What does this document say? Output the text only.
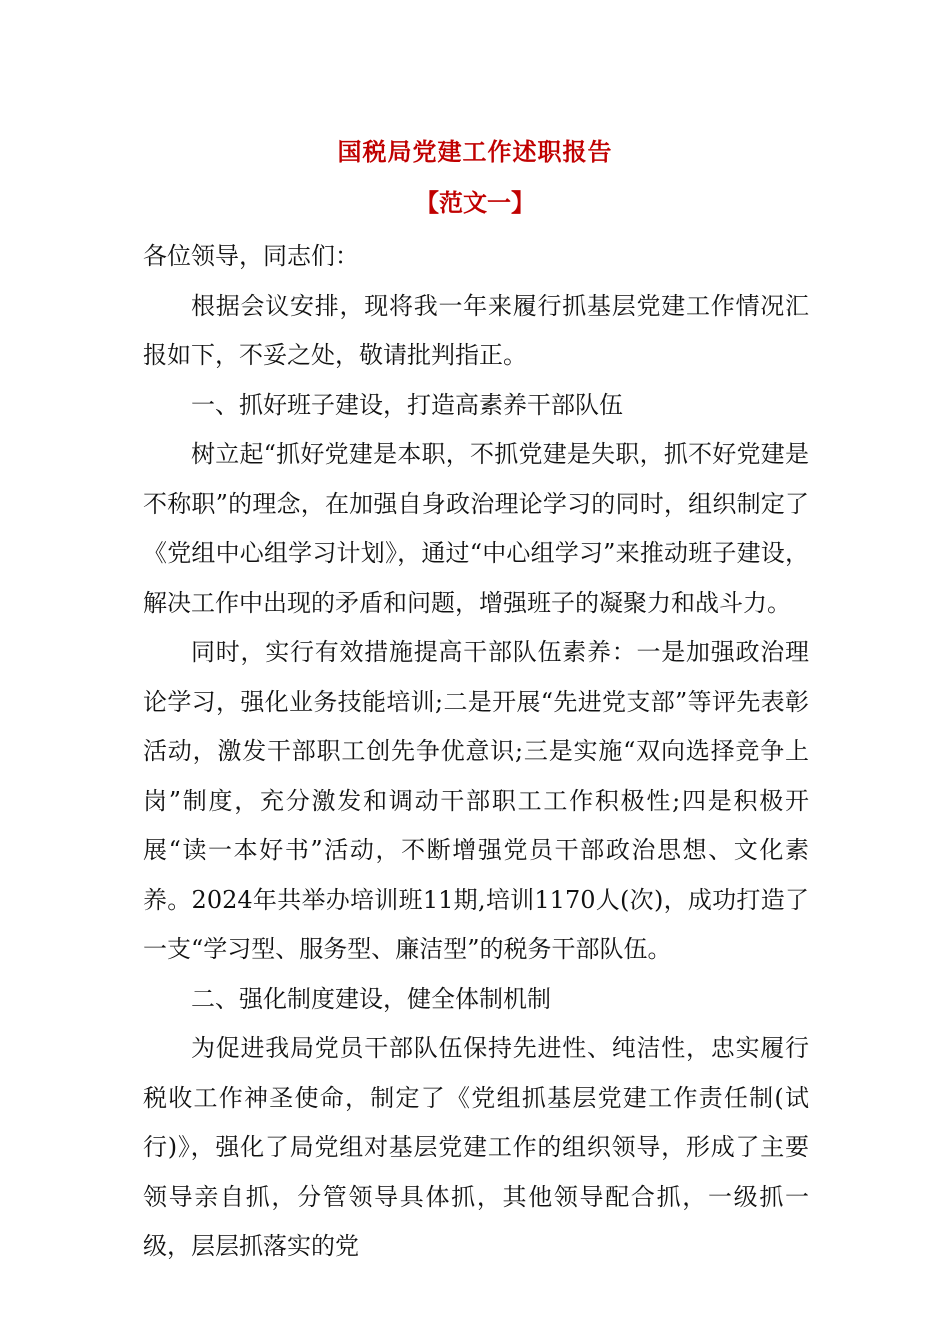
国税局党建工作述职报告
【范文一】

各位领导，同志们：

根据会议安排，现将我一年来履行抓基层党建工作情况汇报如下，不妥之处，敬请批判指正。

一、抓好班子建设，打造高素养干部队伍

树立起“抓好党建是本职，不抓党建是失职，抓不好党建是不称职”的理念，在加强自身政治理论学习的同时，组织制定了《党组中心组学习计划》，通过“中心组学习”来推动班子建设，解决工作中出现的矛盾和问题，增强班子的凝聚力和战斗力。

同时，实行有效措施提高干部队伍素养：一是加强政治理论学习，强化业务技能培训;二是开展“先进党支部”等评先表彰活动，激发干部职工创先争优意识;三是实施“双向选择竞争上岗”制度，充分激发和调动干部职工工作积极性;四是积极开展“读一本好书”活动，不断增强党员干部政治思想、文化素养。2024年共举办培训班11期,培训1170人(次)，成功打造了一支“学习型、服务型、廉洁型”的税务干部队伍。

二、强化制度建设，健全体制机制

为促进我局党员干部队伍保持先进性、纯洁性，忠实履行税收工作神圣使命，制定了《党组抓基层党建工作责任制(试行)》，强化了局党组对基层党建工作的组织领导，形成了主要领导亲自抓，分管领导具体抓，其他领导配合抓，一级抓一级，层层抓落实的党
